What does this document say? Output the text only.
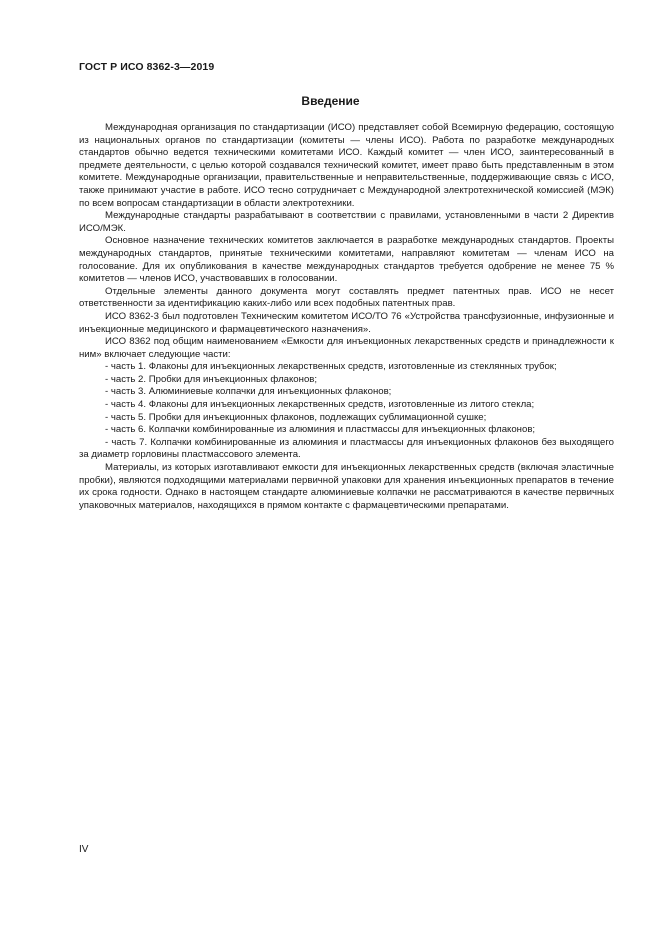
ГОСТ Р ИСО 8362-3—2019
Введение

Международная организация по стандартизации (ИСО) представляет собой Всемирную федерацию, состоящую из национальных органов по стандартизации (комитеты — члены ИСО). Работа по разработке международных стандартов обычно ведется техническими комитетами ИСО. Каждый комитет — член ИСО, заинтересованный в предмете деятельности, с целью которой создавался технический комитет, имеет право быть представленным в этом комитете. Международные организации, правительственные и неправительственные, поддерживающие связь с ИСО, также принимают участие в работе. ИСО тесно сотрудничает с Международной электротехнической комиссией (МЭК) по всем вопросам стандартизации в области электротехники.

Международные стандарты разрабатывают в соответствии с правилами, установленными в части 2 Директив ИСО/МЭК.

Основное назначение технических комитетов заключается в разработке международных стандартов. Проекты международных стандартов, принятые техническими комитетами, направляют комитетам — членам ИСО на голосование. Для их опубликования в качестве международных стандартов требуется одобрение не менее 75 % комитетов — членов ИСО, участвовавших в голосовании.

Отдельные элементы данного документа могут составлять предмет патентных прав. ИСО не несет ответственности за идентификацию каких-либо или всех подобных патентных прав.

ИСО 8362-3 был подготовлен Техническим комитетом ИСО/ТО 76 «Устройства трансфузионные, инфузионные и инъекционные медицинского и фармацевтического назначения».

ИСО 8362 под общим наименованием «Емкости для инъекционных лекарственных средств и принадлежности к ним» включает следующие части:

- часть 1. Флаконы для инъекционных лекарственных средств, изготовленные из стеклянных трубок;
- часть 2. Пробки для инъекционных флаконов;
- часть 3. Алюминиевые колпачки для инъекционных флаконов;
- часть 4. Флаконы для инъекционных лекарственных средств, изготовленные из литого стекла;
- часть 5. Пробки для инъекционных флаконов, подлежащих сублимационной сушке;
- часть 6. Колпачки комбинированные из алюминия и пластмассы для инъекционных флаконов;
- часть 7. Колпачки комбинированные из алюминия и пластмассы для инъекционных флаконов без выходящего за диаметр горловины пластмассового элемента.

Материалы, из которых изготавливают емкости для инъекционных лекарственных средств (включая эластичные пробки), являются подходящими материалами первичной упаковки для хранения инъекционных препаратов в течение их срока годности. Однако в настоящем стандарте алюминиевые колпачки не рассматриваются в качестве первичных упаковочных материалов, находящихся в прямом контакте с фармацевтическими препаратами.

IV
